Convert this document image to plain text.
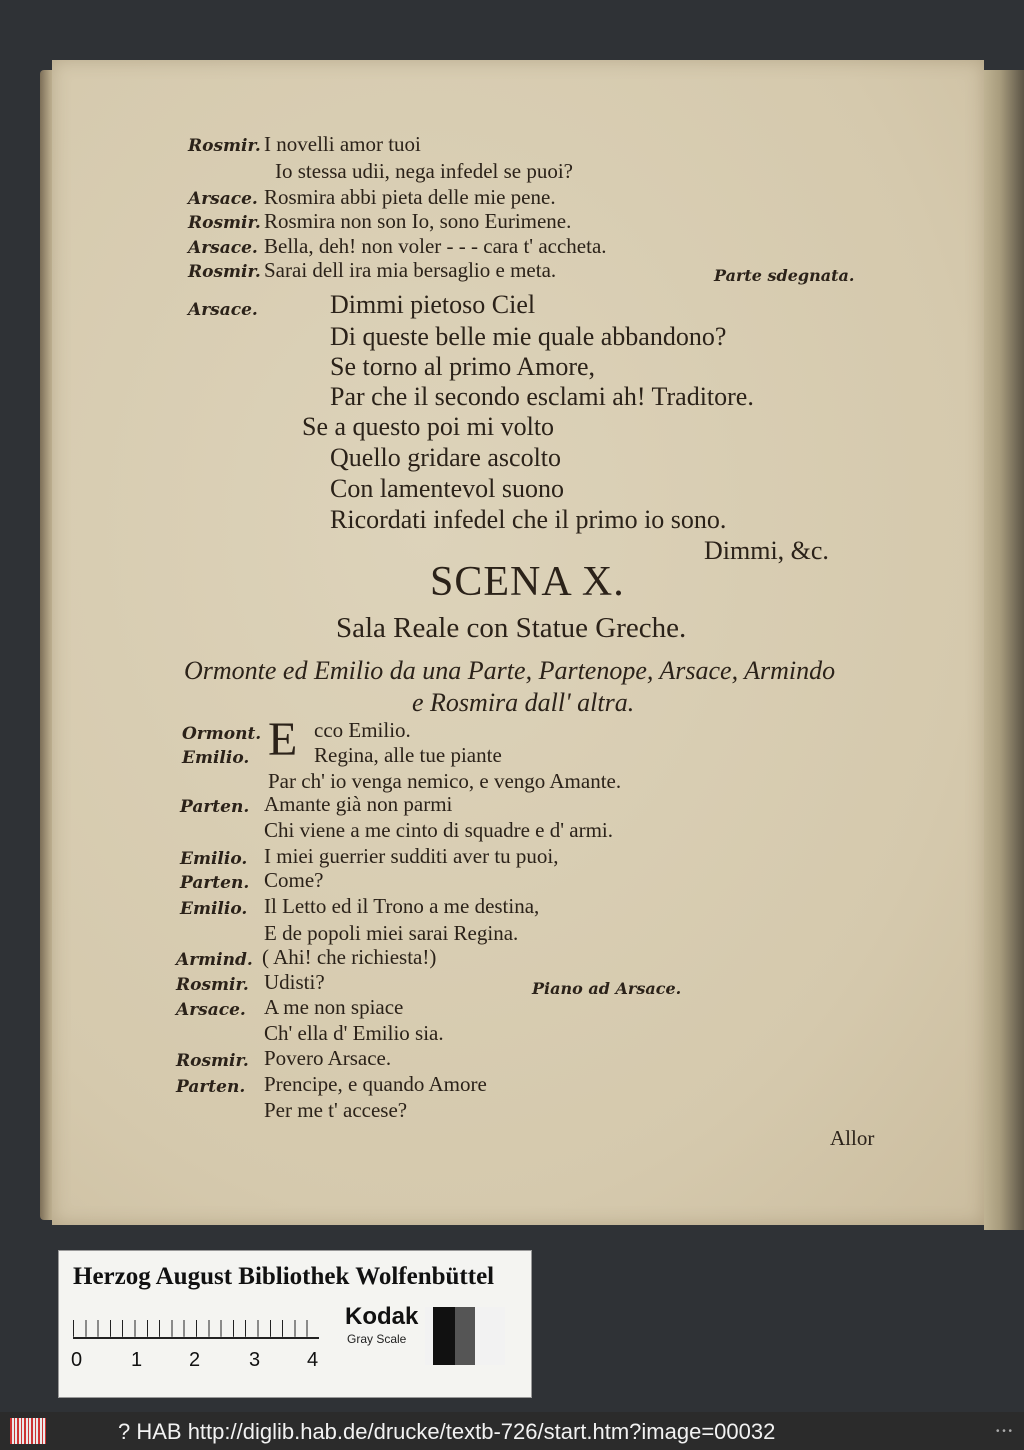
Rosmir. I novelli amor tuoi
Io stessa udii, nega infedel se puoi?
Arsace. Rosmira abbi pieta delle mie pene.
Rosmir. Rosmira non son Io, sono Eurimene.
Arsace. Bella, deh! non voler - - - cara t' accheta.
Rosmir. Sarai dell ira mia bersaglio e meta.	Parte sdegnata.
Arsace.	Dimmi pietoso Ciel
Di queste belle mie quale abbandono?
Se torno al primo Amore,
Par che il secondo esclami ah! Traditore.
Se a questo poi mi volto
Quello gridare ascolto
Con lamentevol suono
Ricordati infedel che il primo io sono.
Dimmi, &c.
SCENA X.
Sala Reale con Statue Greche.
Ormonte ed Emilio da una Parte, Partenope, Arsace, Armindo
e Rosmira dall' altra.
Ormont. E cco Emilio.
Emilio.	Regina, alle tue piante
Par ch' io venga nemico, e vengo Amante.
Parten. Amante già non parmi
Chi viene a me cinto di squadre e d' armi.
Emilio. I miei guerrier sudditi aver tu puoi,
Parten. Come?
Emilio. Il Letto ed il Trono a me destina,
E de popoli miei sarai Regina.
Armind. ( Ahi! che richiesta!)
Rosmir. Udisti?	Piano ad Arsace.
Arsace. A me non spiace
Ch' ella d' Emilio sia.
Rosmir. Povero Arsace.
Parten. Prencipe, e quando Amore
Per me t' accese?
Allor
Herzog August Bibliothek Wolfenbüttel
0 1 2 3 4
Kodak
Gray Scale
? HAB http://diglib.hab.de/drucke/textb-726/start.htm?image=00032	• • •
